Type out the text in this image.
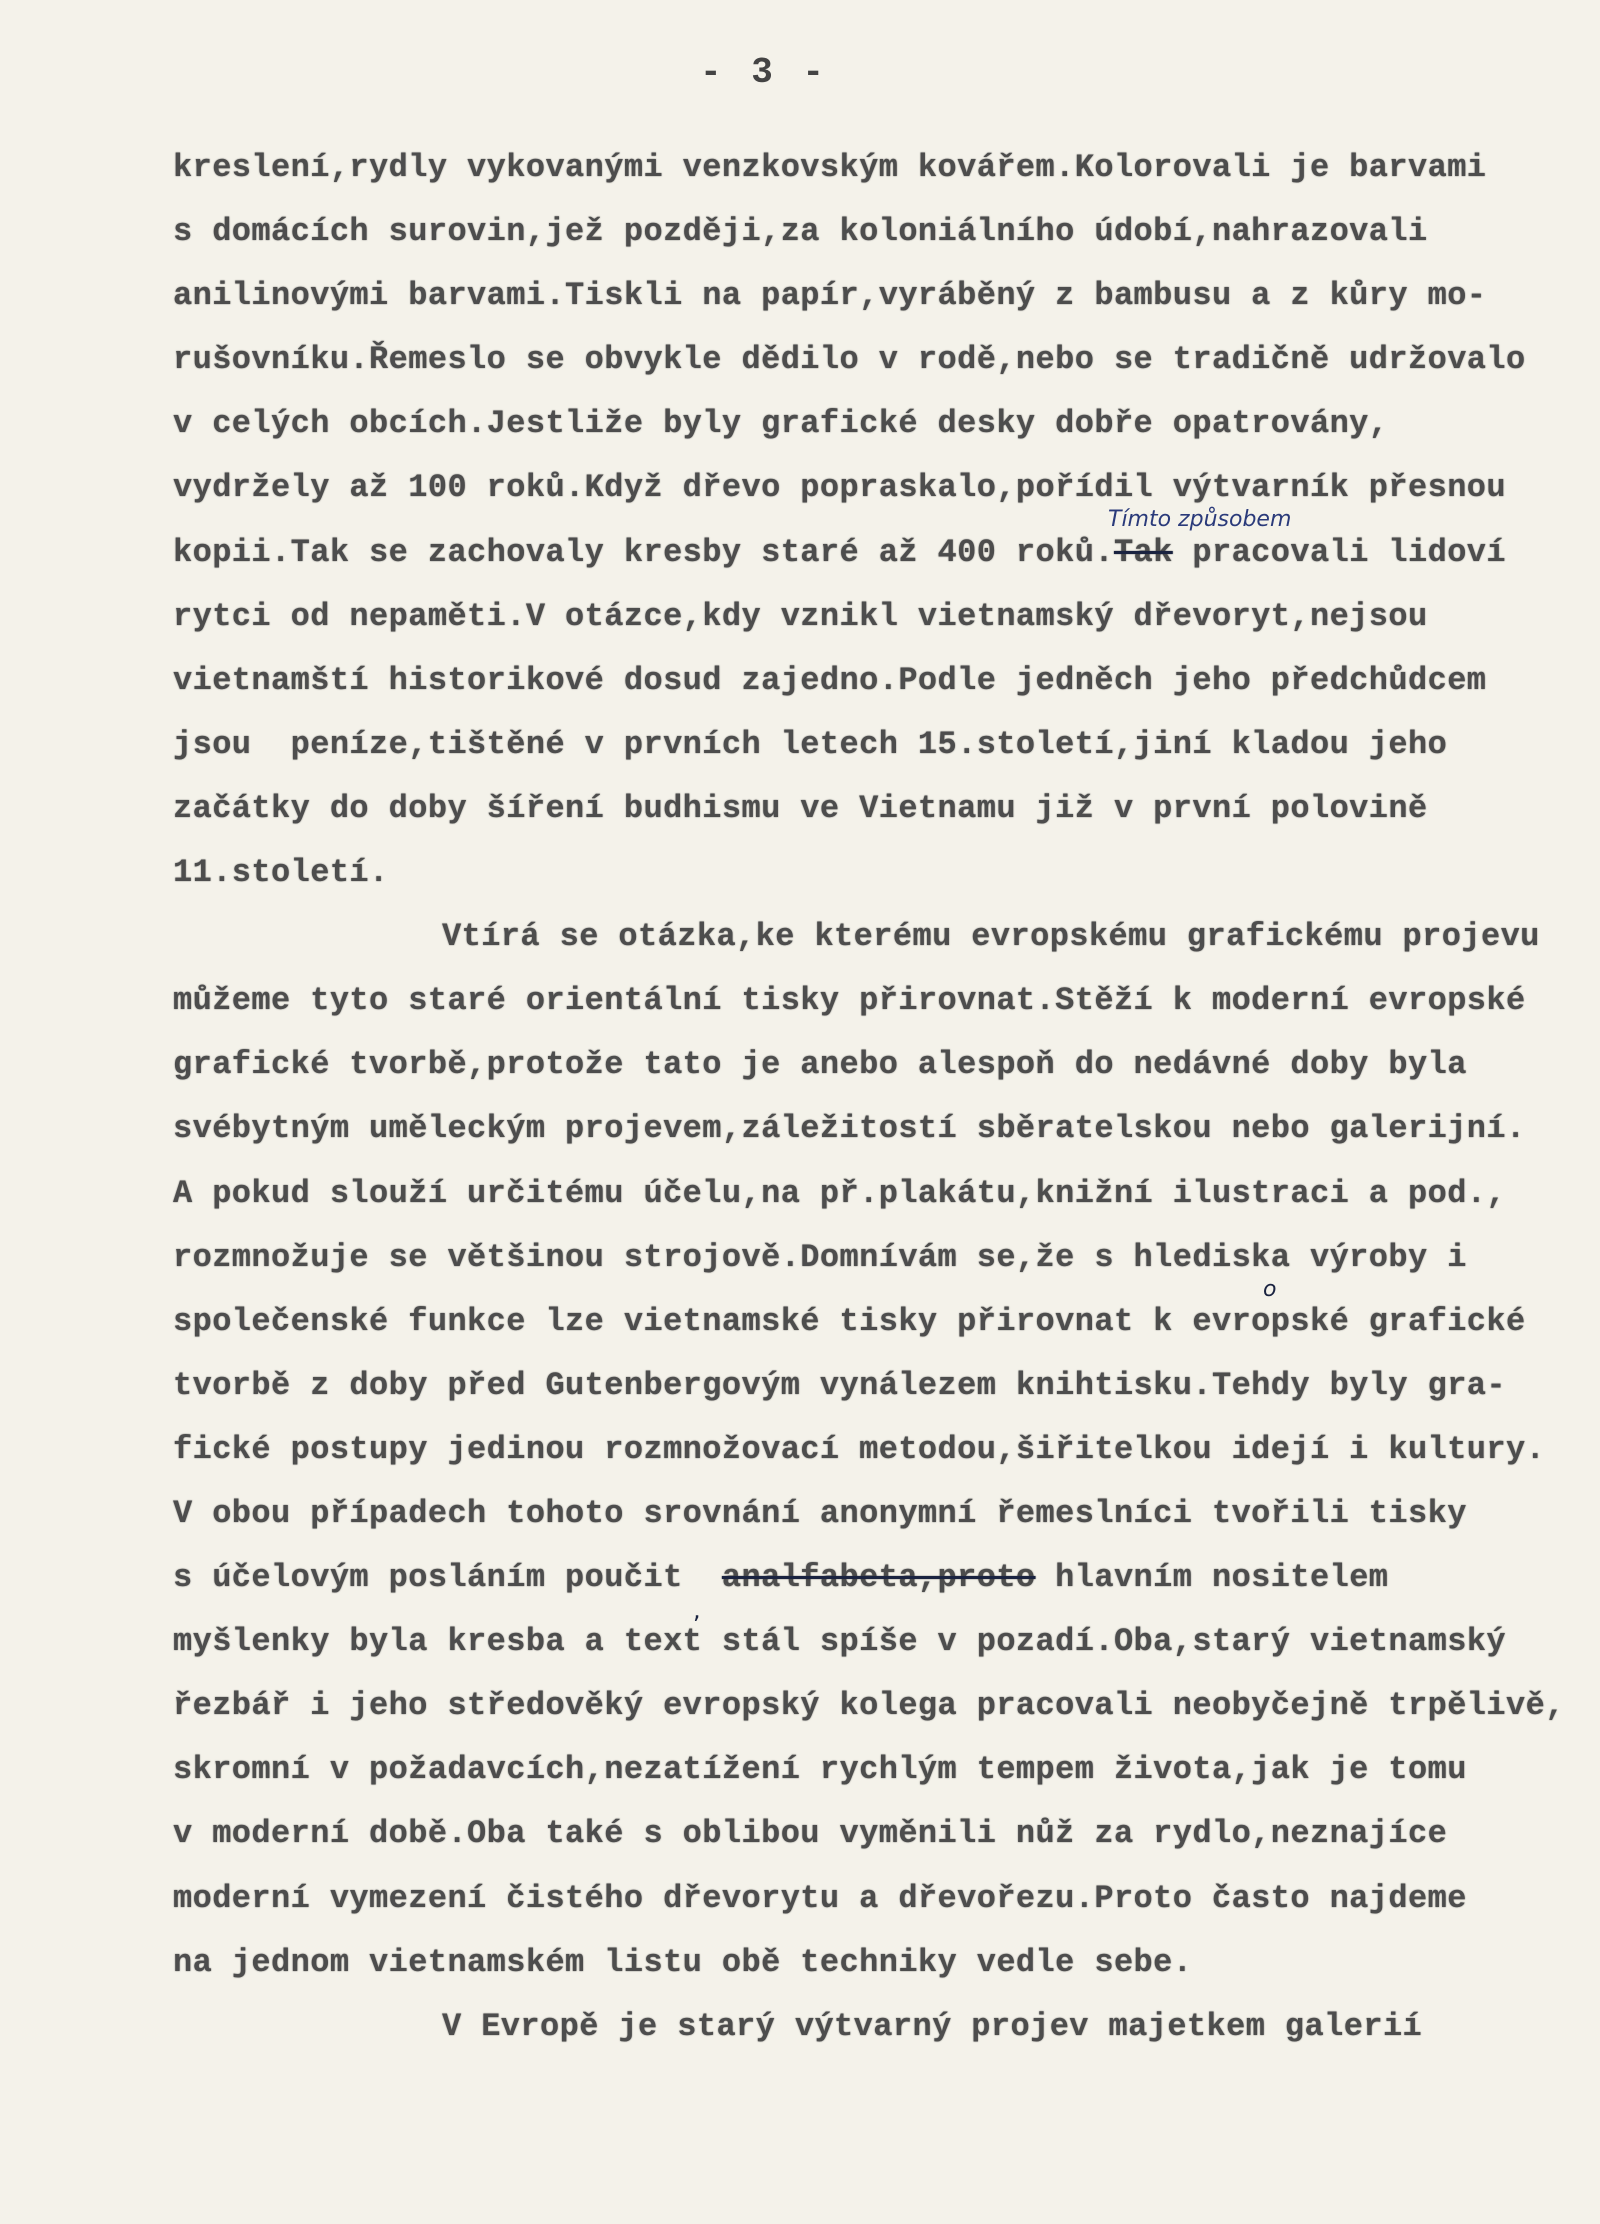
- 3 -
kreslení,rydly vykovanými venzkovským kovářem.Kolorovali je barvami
s domácích surovin,jež později,za koloniálního údobí,nahrazovali
anilinovými barvami.Tiskli na papír,vyráběný z bambusu a z kůry mo-
rušovníku.Řemeslo se obvykle dědilo v rodě,nebo se tradičně udržovalo
v celých obcích.Jestliže byly grafické desky dobře opatrovány,
vydržely až 100 roků.Když dřevo popraskalo,pořídil výtvarník přesnou
kopii.Tak se zachovaly kresby staré až 400 roků.Tak pracovali lidoví
rytci od nepaměti.V otázce,kdy vznikl vietnamský dřevoryt,nejsou
vietnamští historikové dosud zajedno.Podle jedněch jeho předchůdcem
jsou  peníze,tištěné v prvních letech 15.století,jiní kladou jeho
začátky do doby šíření budhismu ve Vietnamu již v první polovině
11.století.
Vtírá se otázka,ke kterému evropskému grafickému projevu
můžeme tyto staré orientální tisky přirovnat.Stěží k moderní evropské
grafické tvorbě,protože tato je anebo alespoň do nedávné doby byla
svébytným uměleckým projevem,záležitostí sběratelskou nebo galerijní.
A pokud slouží určitému účelu,na př.plakátu,knižní ilustraci a pod.,
rozmnožuje se většinou strojově.Domnívám se,že s hlediska výroby i
společenské funkce lze vietnamské tisky přirovnat k evropské grafické
tvorbě z doby před Gutenbergovým vynálezem knihtisku.Tehdy byly gra-
fické postupy jedinou rozmnožovací metodou,šiřitelkou idejí i kultury.
V obou případech tohoto srovnání anonymní řemeslníci tvořili tisky
s účelovým posláním poučit  analfabeta,proto hlavním nositelem
myšlenky byla kresba a text stál spíše v pozadí.Oba,starý vietnamský
řezbář i jeho středověký evropský kolega pracovali neobyčejně trpělivě,
skromní v požadavcích,nezatížení rychlým tempem života,jak je tomu
v moderní době.Oba také s oblibou vyměnili nůž za rydlo,neznajíce
moderní vymezení čistého dřevorytu a dřevořezu.Proto často najdeme
na jednom vietnamském listu obě techniky vedle sebe.
V Evropě je starý výtvarný projev majetkem galerií
Tímto způsobem
,
o
